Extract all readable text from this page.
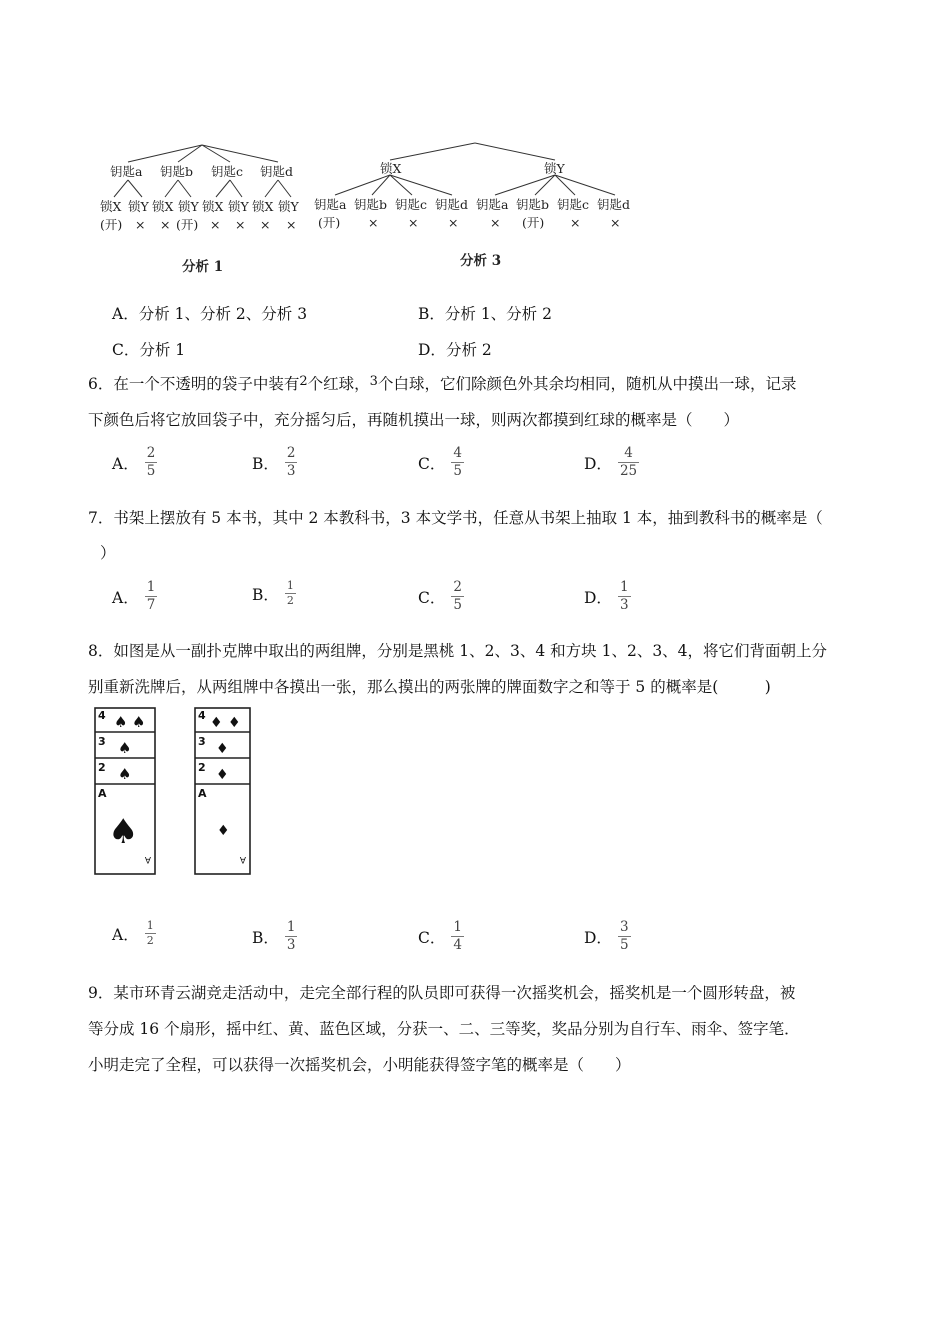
钥匙a 钥匙b 钥匙c 钥匙d
锁X 锁Y 锁X 锁Y 锁X 锁Y 锁X 锁Y
(开) × × (开) × × × ×
分析 1
锁X	锁Y
钥匙a 钥匙b 钥匙c 钥匙d 钥匙a 钥匙b 钥匙c 钥匙d
(开) × × ×	× (开) × ×
分析 3
A． 分析 1、分析 2、分析 3	B． 分析 1、分析 2
C． 分析 1	D． 分析 2
6．在一个不透明的袋子中装有$^2$个红球，$^3$个白球，它们除颜色外其余均相同，随机从中摸出一球，记录
下颜色后将它放回袋子中，充分摇匀后，再随机摸出一球，则两次都摸到红球的概率是（　　）
A． $\frac{2}{5}$	B． $\frac{2}{3}$	C． $\frac{4}{5}$	D． $\frac{4}{25}$
7．书架上摆放有 5 本书，其中 2 本教科书，3 本文学书，任意从书架上抽取 1 本，抽到教科书的概率是（
）
A． $\frac{1}{7}$	B． $\frac{1}{2}$	C． $\frac{2}{5}$	D． $\frac{1}{3}$
8．如图是从一副扑克牌中取出的两组牌，分别是黑桃 1、2、3、4 和方块 1、2、3、4，将它们背面朝上分
别重新洗牌后，从两组牌中各摸出一张，那么摸出的两张牌的牌面数字之和等于 5 的概率是(　　　)
4
3
2
A
♠ ♠
♠
♠
♠
A
4
3
2
A
♦ ♦
♦
♦
♦
A
A． $\frac{1}{2}$	B． $\frac{1}{3}$	C． $\frac{1}{4}$	D． $\frac{3}{5}$
9．某市环青云湖竞走活动中，走完全部行程的队员即可获得一次摇奖机会，摇奖机是一个圆形转盘，被
等分成 16 个扇形，摇中红、黄、蓝色区域，分获一、二、三等奖，奖品分别为自行车、雨伞、签字笔．
小明走完了全程，可以获得一次摇奖机会，小明能获得签字笔的概率是（　　）
